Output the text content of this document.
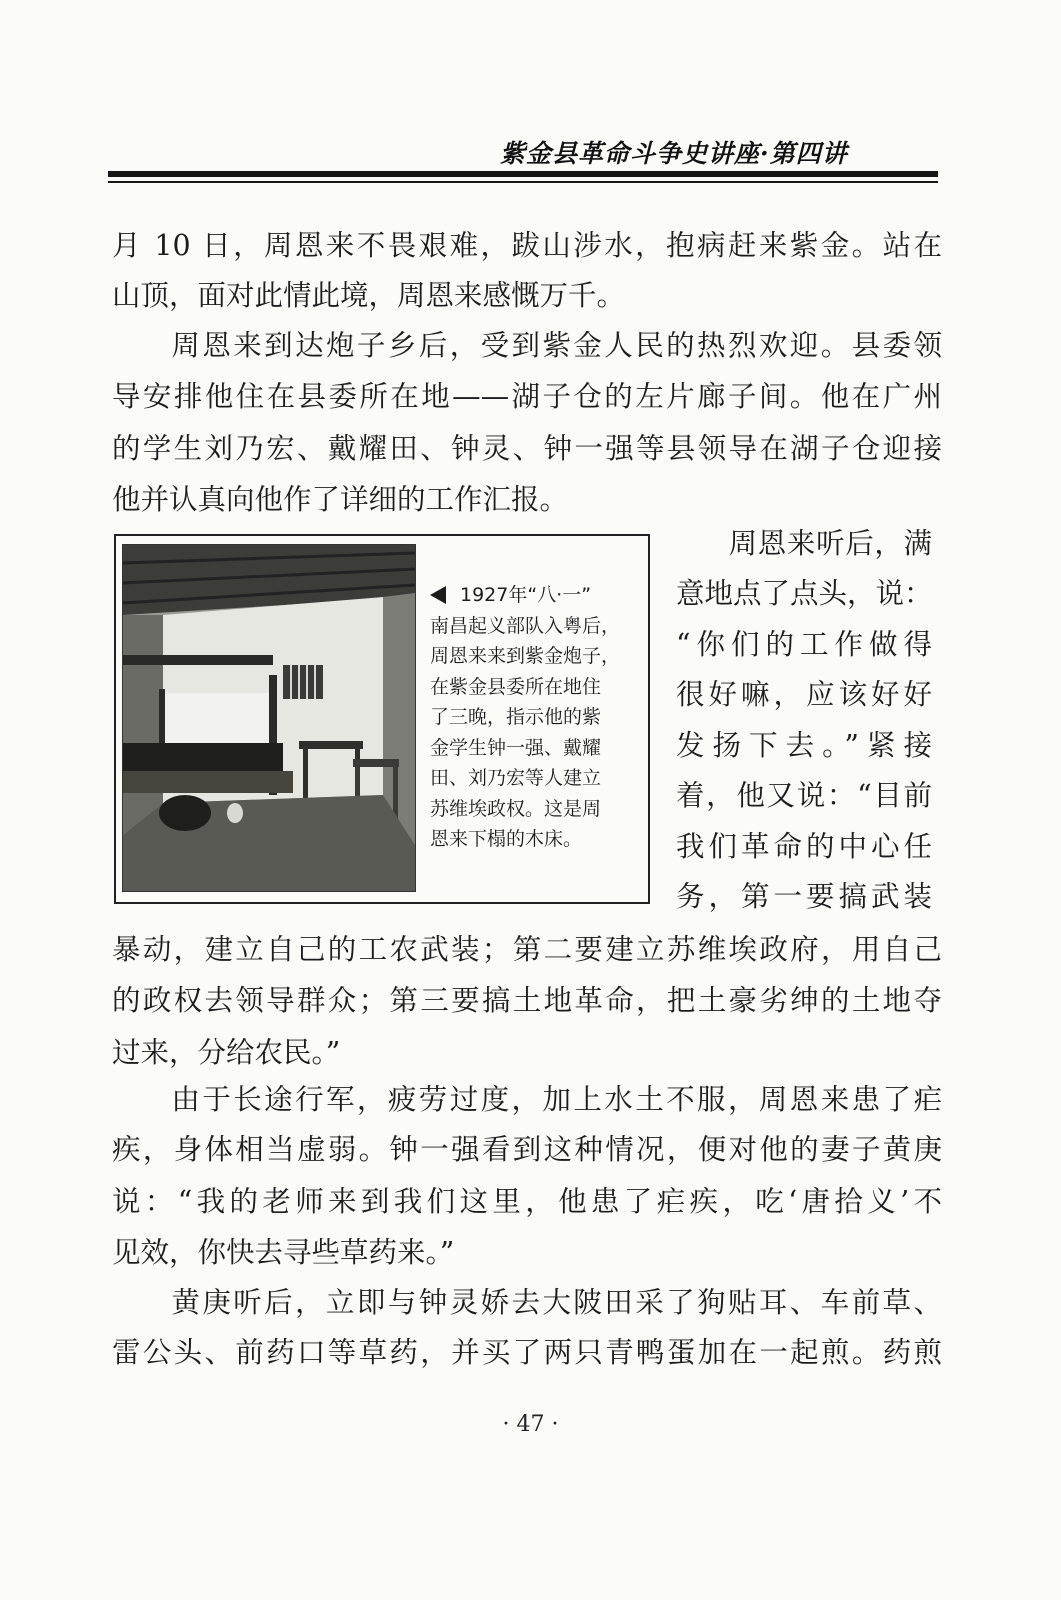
紫金县革命斗争史讲座·第四讲
月 10 日，周恩来不畏艰难，跋山涉水，抱病赶来紫金。站在
山顶，面对此情此境，周恩来感慨万千。
周恩来到达炮子乡后，受到紫金人民的热烈欢迎。县委领
导安排他住在县委所在地——湖子仓的左片廊子间。他在广州
的学生刘乃宏、戴耀田、钟灵、钟一强等县领导在湖子仓迎接
他并认真向他作了详细的工作汇报。
1927年“八·一”
南昌起义部队入粤后，
周恩来来到紫金炮子，
在紫金县委所在地住
了三晚，指示他的紫
金学生钟一强、戴耀
田、刘乃宏等人建立
苏维埃政权。这是周
恩来下榻的木床。
周恩来听后，满
意地点了点头，说：
“你们的工作做得
很好嘛，应该好好
发扬下去。”紧接
着，他又说：“目前
我们革命的中心任
务，第一要搞武装
暴动，建立自己的工农武装；第二要建立苏维埃政府，用自己
的政权去领导群众；第三要搞土地革命，把土豪劣绅的土地夺
过来，分给农民。”
由于长途行军，疲劳过度，加上水土不服，周恩来患了疟
疾，身体相当虚弱。钟一强看到这种情况，便对他的妻子黄庚
说：“我的老师来到我们这里，他患了疟疾，吃‘唐拾义’不
见效，你快去寻些草药来。”
黄庚听后，立即与钟灵娇去大陂田采了狗贴耳、车前草、
雷公头、前药口等草药，并买了两只青鸭蛋加在一起煎。药煎
· 47 ·
